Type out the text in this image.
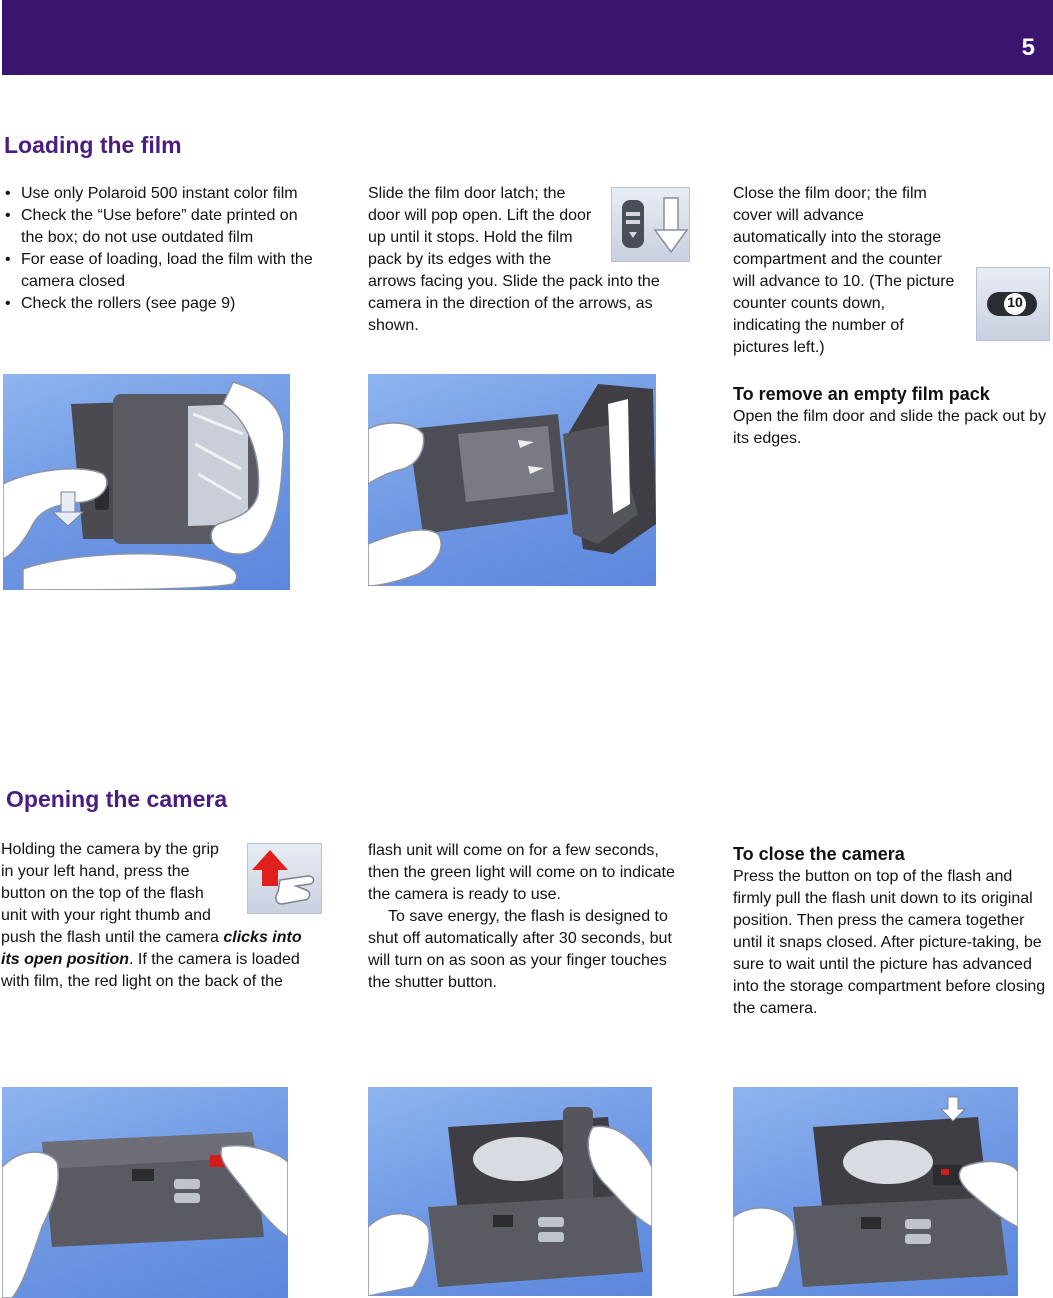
5
Loading the film
• Use only Polaroid 500 instant color film
• Check the “Use before” date printed on the box; do not use outdated film
• For ease of loading, load the film with the camera closed
• Check the rollers (see page 9)
Slide the film door latch; the door will pop open. Lift the door up until it stops. Hold the film pack by its edges with the arrows facing you. Slide the pack into the camera in the direction of the arrows, as shown.
Close the film door; the film cover will advance automatically into the storage compartment and the counter will advance to 10. (The picture counter counts down, indicating the number of pictures left.)
10
To remove an empty film pack
Open the film door and slide the pack out by its edges.
Opening the camera
Holding the camera by the grip in your left hand, press the button on the top of the flash unit with your right thumb and push the flash until the camera clicks into its open position. If the camera is loaded with film, the red light on the back of the
flash unit will come on for a few seconds, then the green light will come on to indicate the camera is ready to use.
To save energy, the flash is designed to shut off automatically after 30 seconds, but will turn on as soon as your finger touches the shutter button.
To close the camera
Press the button on top of the flash and firmly pull the flash unit down to its original position. Then press the camera together until it snaps closed. After picture-taking, be sure to wait until the picture has advanced into the storage compartment before closing the camera.
